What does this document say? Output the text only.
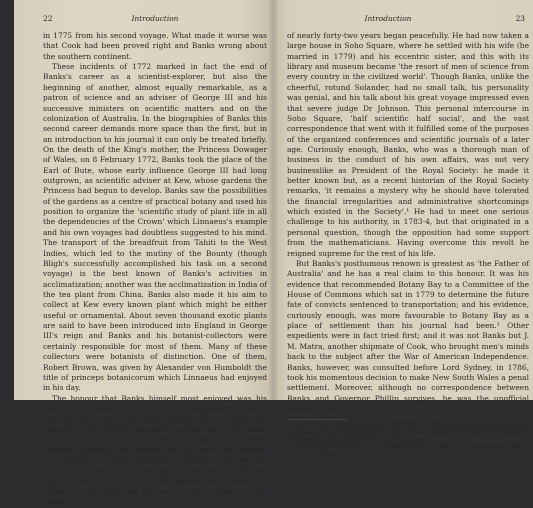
22	Introduction

in 1775 from his second voyage. What made it worse was that Cook had been proved right and Banks wrong about the southern continent.

These incidents of 1772 marked in fact the end of Banks's career as a scientist-explorer, but also the beginning of another, almost equally remarkable, as a patron of science and an adviser of George III and his successive ministers on scientific matters and on the colonization of Australia. In the biographies of Banks this second career demands more space than the first, but in an introduction to his journal it can only be treated briefly. On the death of the King's mother, the Princess Dowager of Wales, on 8 February 1772, Banks took the place of the Earl of Bute, whose early influence George III had long outgrown, as scientific adviser at Kew, whose gardens the Princess had begun to develop. Banks saw the possibilities of the gardens as a centre of practical botany and used his position to organize the 'scientific study of plant life in all the dependencies of the Crown' which Linnaeus's example and his own voyages had doubtless suggested to his mind. The transport of the breadfruit from Tahiti to the West Indies, which led to the mutiny of the Bounty (though Bligh's successfully accomplished his task on a second voyage) is the best known of Banks's activities in acclimatization; another was the acclimatization in India of the tea plant from China. Banks also made it his aim to collect at Kew every known plant which might be either useful or ornamental. About seven thousand exotic plants are said to have been introduced into England in George III's reign and Banks and his botanist-collectors were certainly responsible for most of them. Many of these collectors were botanists of distinction. One of them, Robert Brown, was given by Alexander von Humboldt the title of princeps botanicorum which Linnaeus had enjoyed in his day.

The honour that Banks himself most enjoyed was his election on 6 December 1778, at an unprecedentedly early age, as President of the Royal Society. This election was due not to his scientific eminence so much as to the desire of the Council 'to heal a breach which had recently appeared between the Society and the Court'. The subject of dispute, whether lightning-conductors should be pointed or blunt, gave a good opening to the wits; but the dispute was a misfortune and Banks, the friend and adviser of the King, was the man to end it. Banks's long reign

Introduction	23

of nearly forty-two years began peacefully. He had now taken a large house in Soho Square, where he settled with his wife (he married in 1779) and his eccentric sister, and this with its library and museum became 'the resort of men of science from every country in the civilized world'. Though Banks, unlike the cheerful, rotund Solander, had no small talk, his personality was genial, and his talk about his great voyage impressed even that severe judge Dr Johnson. This personal intercourse in Soho Square, 'half scientific half social', and the vast correspondence that went with it fulfilled some of the purposes of the organized conferences and scientific journals of a later age. Curiously enough, Banks, who was a thorough man of business in the conduct of his own affairs, was not very businesslike as President of the Royal Society: he made it better known but, as a recent historian of the Royal Society remarks, 'it remains a mystery why he should have tolerated the financial irregularities and administrative shortcomings which existed in the Society'.¹ He had to meet one serious challenge to his authority, in 1783-4, but that originated in a personal question, though the opposition had some support from the mathematicians. Having overcome this revolt he reigned supreme for the rest of his life.

But Banks's posthumous renown is greatest as 'the Father of Australia' and he has a real claim to this honour. It was his evidence that recommended Botany Bay to a Committee of the House of Commons which sat in 1779 to determine the future fate of convicts sentenced to transportation; and his evidence, curiously enough, was more favourable to Botany Bay as a place of settlement than his journal had been.² Other expedients were in fact tried first; and it was not Banks but J. M. Matra, another shipmate of Cook, who brought men's minds back to the subject after the War of American Independence. Banks, however, was consulted before Lord Sydney, in 1786, took his momentous decision to make New South Wales a penal settlement. Moreover, although no correspondence between Banks and Governor Phillip survives, he was the unofficial adviser of Phillip's suc-

¹ Sir H. Lyons, The Royal Society, 1660-1940: a History of its Administration under its Charters (Cambridge, 1944), p. 200. The best treatment of Banks's presidency of the Royal Society is however in Cameron's book.

² This point will be made by G. Arnold Wood in The Discovery of Australia (London, 1922), pp. 422-3.
